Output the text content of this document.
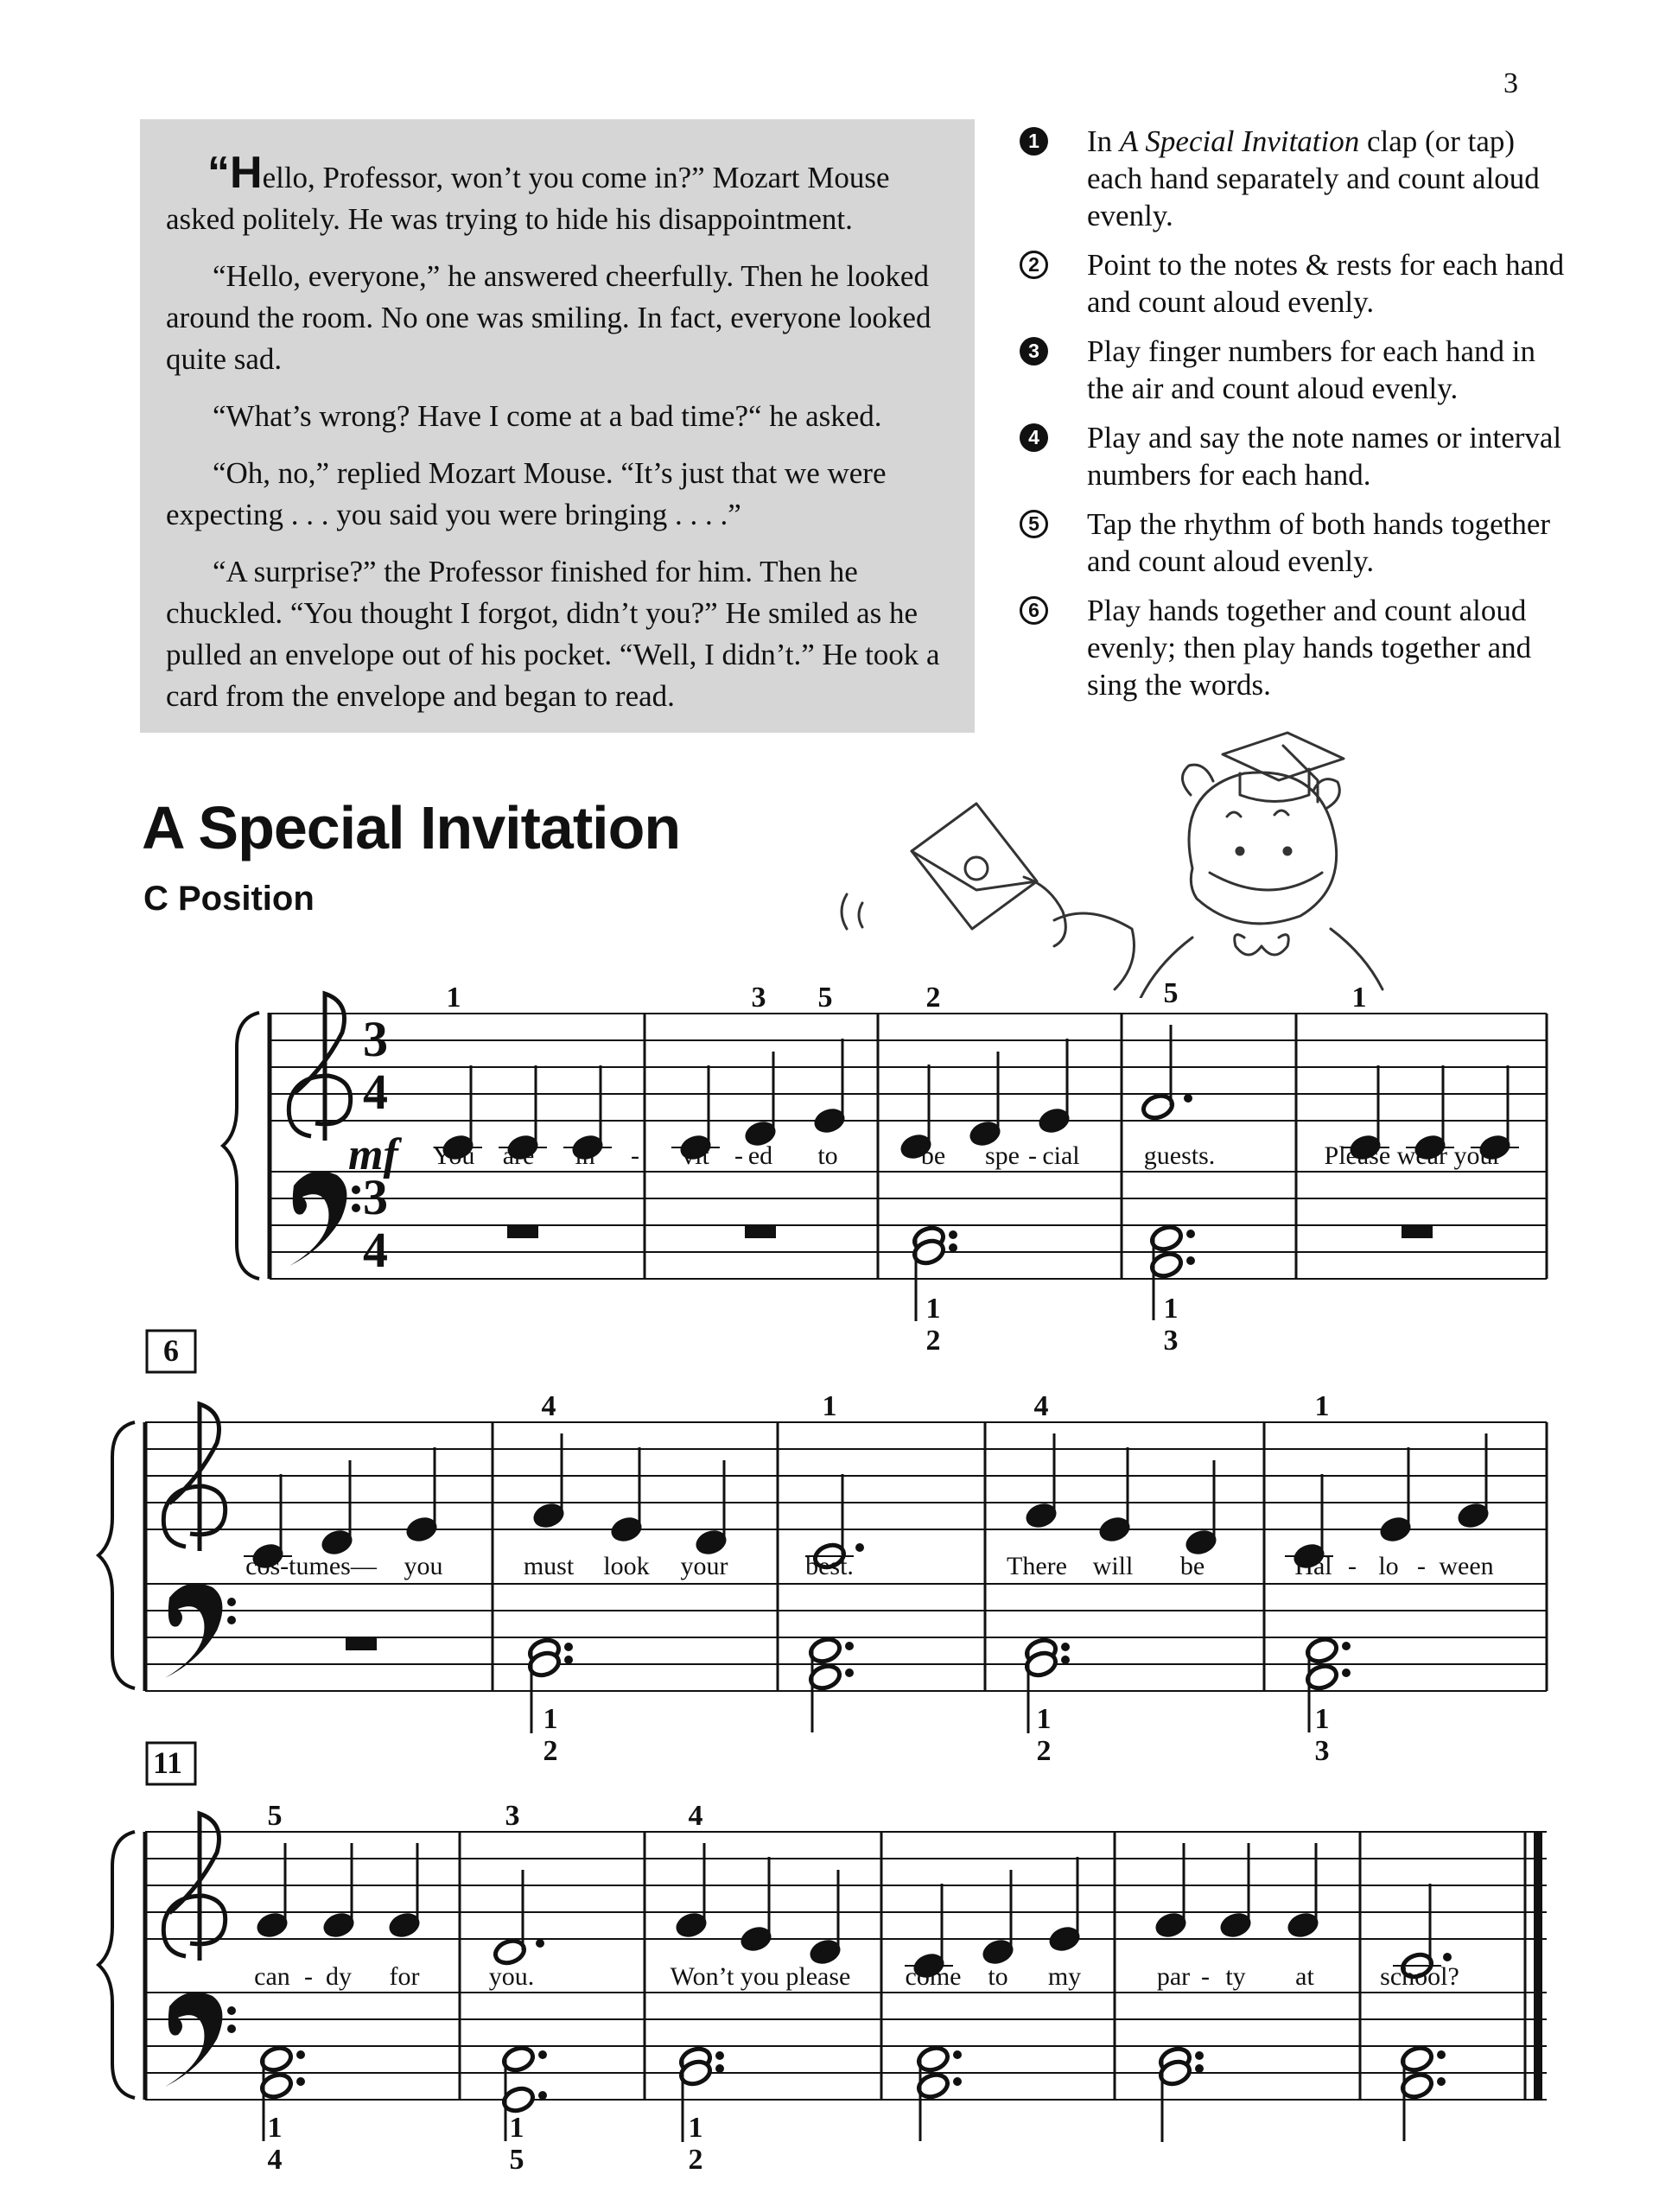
3

“Hello, Professor, won’t you come in?” Mozart Mouse asked politely. He was trying to hide his disappointment.

“Hello, everyone,” he answered cheerfully. Then he looked around the room. No one was smiling. In fact, everyone looked quite sad.

“What’s wrong? Have I come at a bad time?“ he asked.

“Oh, no,” replied Mozart Mouse. “It’s just that we were expecting . . . you said you were bringing . . . .”

“A surprise?” the Professor finished for him. Then he chuckled. “You thought I forgot, didn’t you?” He smiled as he pulled an envelope out of his pocket. “Well, I didn’t.” He took a card from the envelope and began to read.

1 In A Special Invitation clap (or tap) each hand separately and count aloud evenly.
2 Point to the notes & rests for each hand and count aloud evenly.
3 Play finger numbers for each hand in the air and count aloud evenly.
4 Play and say the note names or interval numbers for each hand.
5 Tap the rhythm of both hands together and count aloud evenly.
6 Play hands together and count aloud evenly; then play hands together and sing the words.
A Special Invitation
C Position
3
4
3
4
mf
6
11
1	3 5	2	5	1
1
2
1
3
You are in - vit - ed to	be spe - cial guests.	Please wear your
4	1	4	1
1
2
1
2
1
3
cos-tumes— you	must look your	best.	There will be	Hal - lo - ween
5	3	4
1
4
1
5
1
2
can - dy for	you.	Won’t you please come to my	par - ty at	school?
